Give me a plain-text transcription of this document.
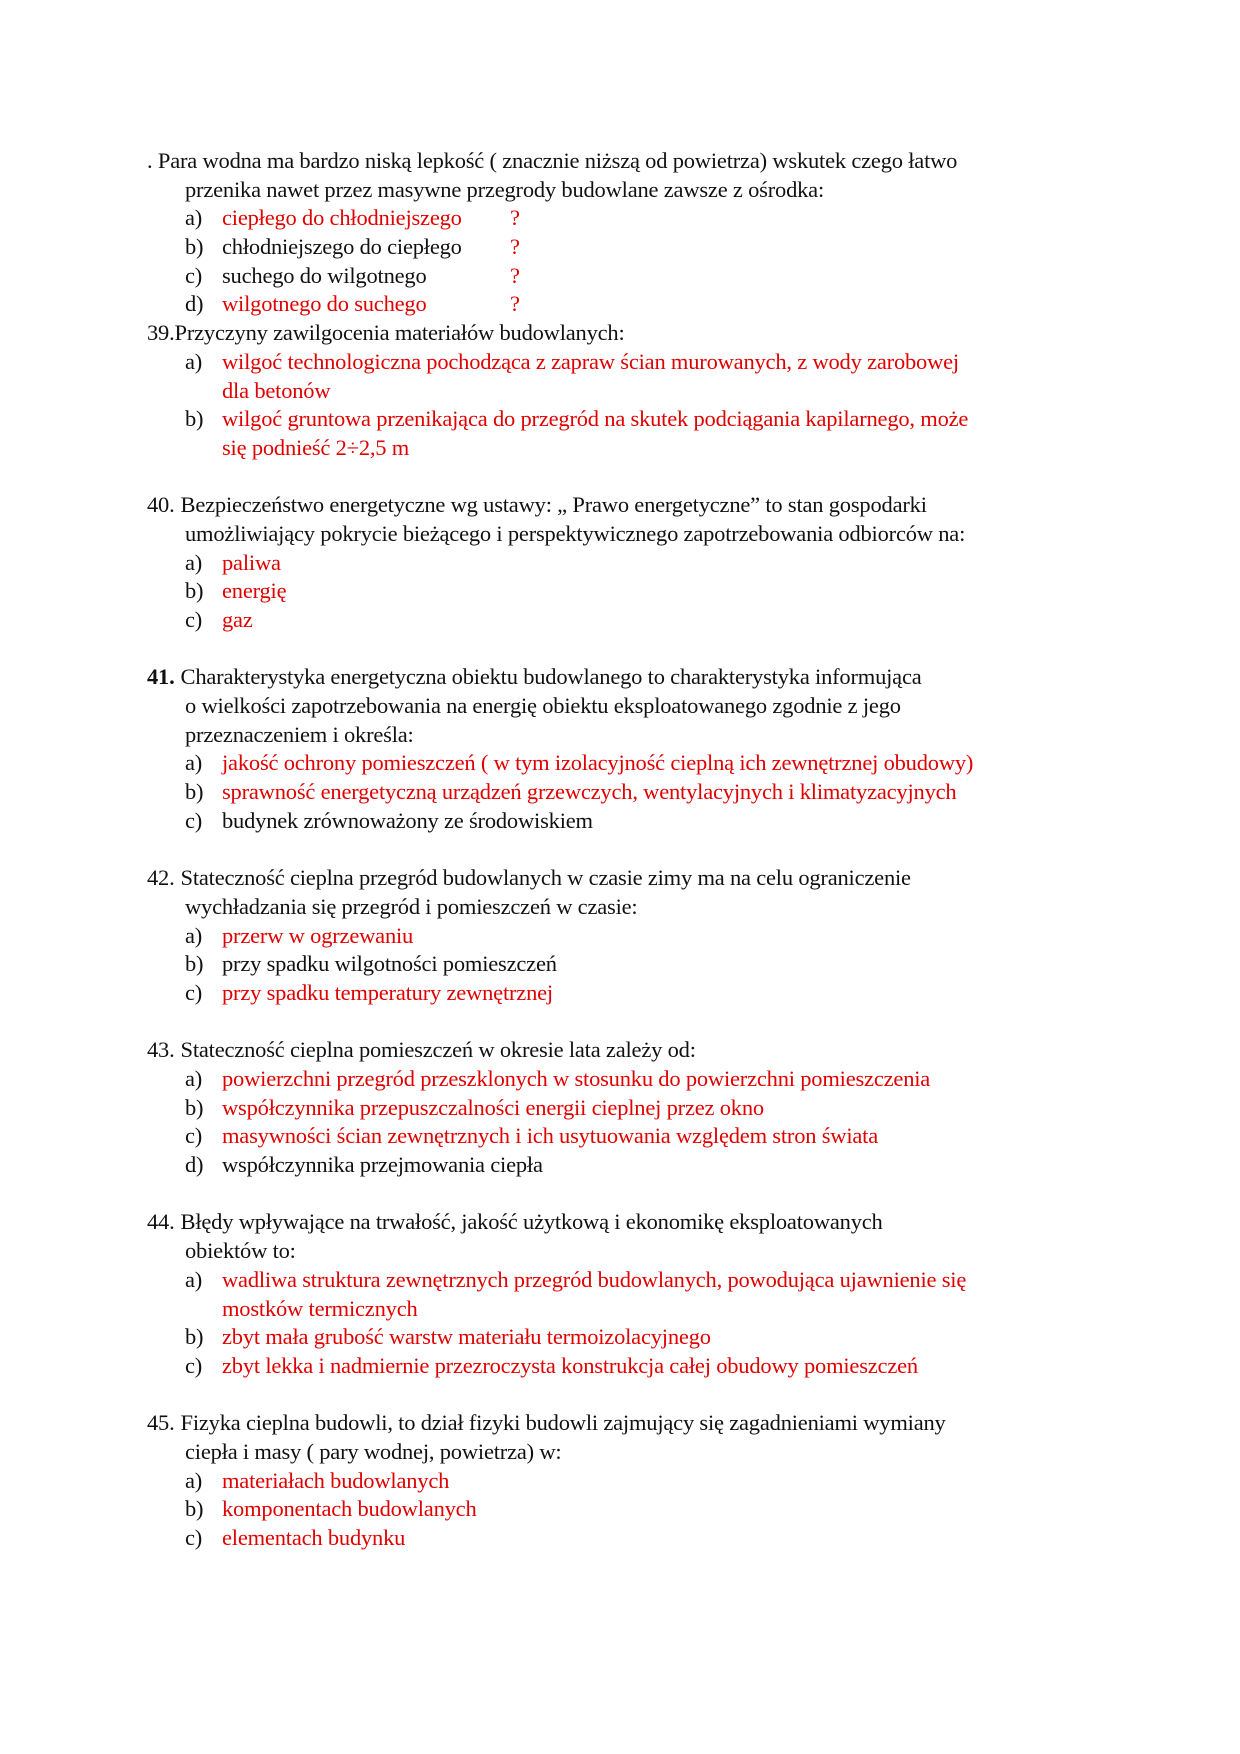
. Para wodna ma bardzo niską lepkość ( znacznie niższą od powietrza) wskutek czego łatwo
przenika nawet przez masywne przegrody budowlane zawsze z ośrodka:
a) ciepłego do chłodniejszego ?
b) chłodniejszego do ciepłego ?
c) suchego do wilgotnego	?
d) wilgotnego do suchego	?
39.Przyczyny zawilgocenia materiałów budowlanych:
a) wilgoć technologiczna pochodząca z zapraw ścian murowanych, z wody zarobowej
dla betonów
b) wilgoć gruntowa przenikająca do przegród na skutek podciągania kapilarnego, może
się podnieść 2÷2,5 m
40. Bezpieczeństwo energetyczne wg ustawy: „ Prawo energetyczne” to stan gospodarki
umożliwiający pokrycie bieżącego i perspektywicznego zapotrzebowania odbiorców na:
a) paliwa
b) energię
c) gaz
41. Charakterystyka energetyczna obiektu budowlanego to charakterystyka informująca
o wielkości zapotrzebowania na energię obiektu eksploatowanego zgodnie z jego
przeznaczeniem i określa:
a) jakość ochrony pomieszczeń ( w tym izolacyjność cieplną ich zewnętrznej obudowy)
b) sprawność energetyczną urządzeń grzewczych, wentylacyjnych i klimatyzacyjnych
c) budynek zrównoważony ze środowiskiem
42. Stateczność cieplna przegród budowlanych w czasie zimy ma na celu ograniczenie
wychładzania się przegród i pomieszczeń w czasie:
a) przerw w ogrzewaniu
b) przy spadku wilgotności pomieszczeń
c) przy spadku temperatury zewnętrznej
43. Stateczność cieplna pomieszczeń w okresie lata zależy od:
a) powierzchni przegród przeszklonych w stosunku do powierzchni pomieszczenia
b) współczynnika przepuszczalności energii cieplnej przez okno
c) masywności ścian zewnętrznych i ich usytuowania względem stron świata
d) współczynnika przejmowania ciepła
44. Błędy wpływające na trwałość, jakość użytkową i ekonomikę eksploatowanych
obiektów to:
a) wadliwa struktura zewnętrznych przegród budowlanych, powodująca ujawnienie się
mostków termicznych
b) zbyt mała grubość warstw materiału termoizolacyjnego
c) zbyt lekka i nadmiernie przezroczysta konstrukcja całej obudowy pomieszczeń
45. Fizyka cieplna budowli, to dział fizyki budowli zajmujący się zagadnieniami wymiany
ciepła i masy ( pary wodnej, powietrza) w:
a) materiałach budowlanych
b) komponentach budowlanych
c) elementach budynku
